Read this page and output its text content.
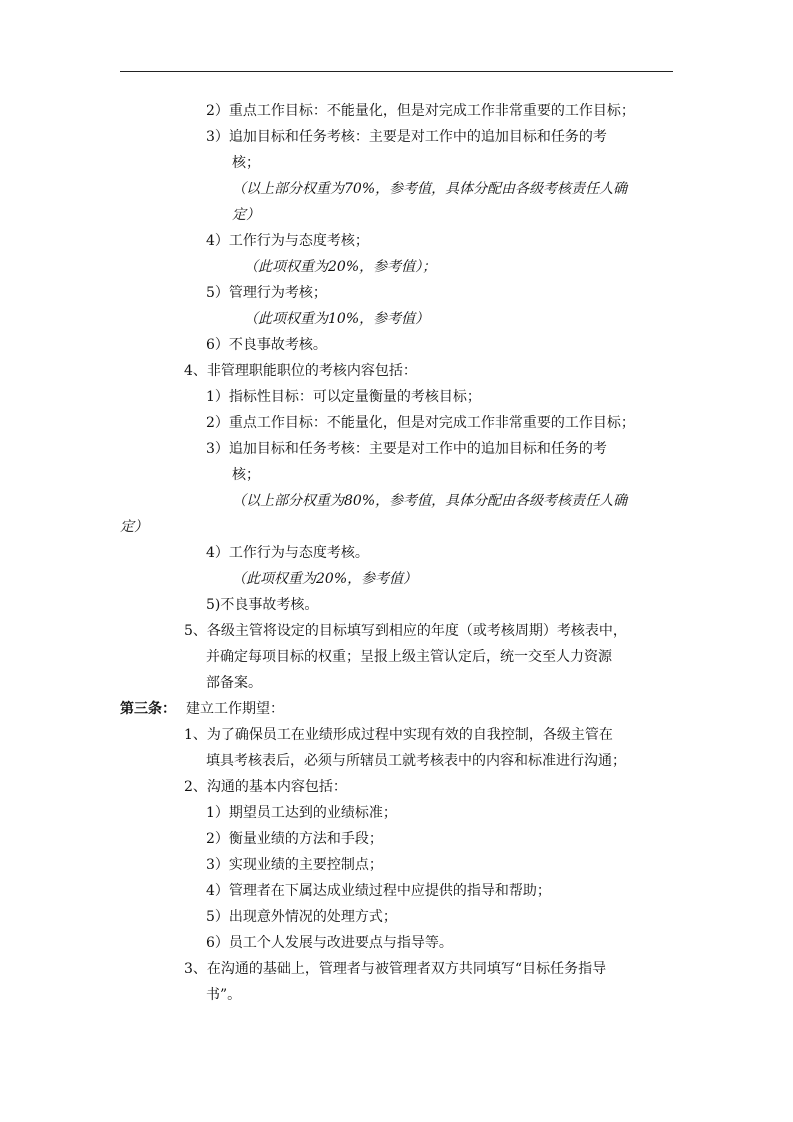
2）重点工作目标：不能量化，但是对完成工作非常重要的工作目标；
3）追加目标和任务考核：主要是对工作中的追加目标和任务的考
核；
（以上部分权重为70%，参考值，具体分配由各级考核责任人确
定）
4）工作行为与态度考核；
（此项权重为20%，参考值）；
5）管理行为考核；
（此项权重为10%，参考值）
6）不良事故考核。
4、非管理职能职位的考核内容包括：
1）指标性目标：可以定量衡量的考核目标；
2）重点工作目标：不能量化，但是对完成工作非常重要的工作目标；
3）追加目标和任务考核：主要是对工作中的追加目标和任务的考
核；
（以上部分权重为80%，参考值，具体分配由各级考核责任人确
定）
4）工作行为与态度考核。
（此项权重为20%，参考值）
5)不良事故考核。
5、各级主管将设定的目标填写到相应的年度（或考核周期）考核表中，
并确定每项目标的权重；呈报上级主管认定后，统一交至人力资源
部备案。
第三条： 建立工作期望：
1、为了确保员工在业绩形成过程中实现有效的自我控制，各级主管在
填具考核表后，必须与所辖员工就考核表中的内容和标准进行沟通；
2、沟通的基本内容包括：
1）期望员工达到的业绩标准；
2）衡量业绩的方法和手段；
3）实现业绩的主要控制点；
4）管理者在下属达成业绩过程中应提供的指导和帮助；
5）出现意外情况的处理方式；
6）员工个人发展与改进要点与指导等。
3、在沟通的基础上，管理者与被管理者双方共同填写“目标任务指导
书”。
